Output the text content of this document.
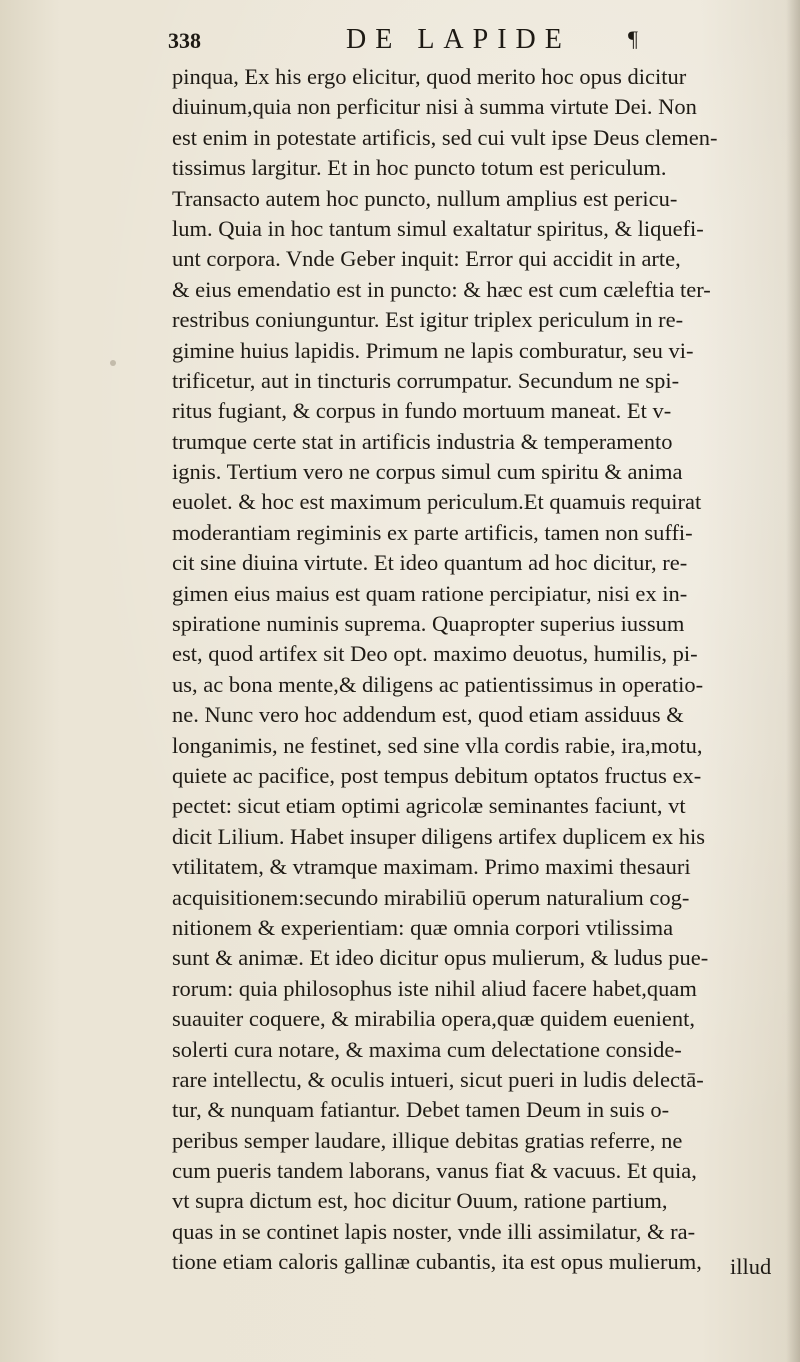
338	DE LAPIDE	¶
pinqua, Ex his ergo elicitur, quod merito hoc opus dicitur
diuinum,quia non perficitur nisi à summa virtute Dei. Non
est enim in potestate artificis, sed cui vult ipse Deus clemen-
tissimus largitur. Et in hoc puncto totum est periculum.
Transacto autem hoc puncto, nullum amplius est pericu-
lum. Quia in hoc tantum simul exaltatur spiritus, & liquefi-
unt corpora. Vnde Geber inquit: Error qui accidit in arte,
& eius emendatio est in puncto: & hæc est cum cæleftia ter-
restribus coniunguntur. Est igitur triplex periculum in re-
gimine huius lapidis. Primum ne lapis comburatur, seu vi-
trificetur, aut in tincturis corrumpatur. Secundum ne spi-
ritus fugiant, & corpus in fundo mortuum maneat. Et v-
trumque certe stat in artificis industria & temperamento
ignis. Tertium vero ne corpus simul cum spiritu & anima
euolet. & hoc est maximum periculum.Et quamuis requirat
moderantiam regiminis ex parte artificis, tamen non suffi-
cit sine diuina virtute. Et ideo quantum ad hoc dicitur, re-
gimen eius maius est quam ratione percipiatur, nisi ex in-
spiratione numinis suprema. Quapropter superius iussum
est, quod artifex sit Deo opt. maximo deuotus, humilis, pi-
us, ac bona mente,& diligens ac patientissimus in operatio-
ne. Nunc vero hoc addendum est, quod etiam assiduus &
longanimis, ne festinet, sed sine vlla cordis rabie, ira,motu,
quiete ac pacifice, post tempus debitum optatos fructus ex-
pectet: sicut etiam optimi agricolæ seminantes faciunt, vt
dicit Lilium. Habet insuper diligens artifex duplicem ex his
vtilitatem, & vtramque maximam. Primo maximi thesauri
acquisitionem:secundo mirabiliū operum naturalium cog-
nitionem & experientiam: quæ omnia corpori vtilissima
sunt & animæ. Et ideo dicitur opus mulierum, & ludus pue-
rorum: quia philosophus iste nihil aliud facere habet,quam
suauiter coquere, & mirabilia opera,quæ quidem euenient,
solerti cura notare, & maxima cum delectatione conside-
rare intellectu, & oculis intueri, sicut pueri in ludis delectā-
tur, & nunquam fatiantur. Debet tamen Deum in suis o-
peribus semper laudare, illique debitas gratias referre, ne
cum pueris tandem laborans, vanus fiat & vacuus. Et quia,
vt supra dictum est, hoc dicitur Ouum, ratione partium,
quas in se continet lapis noster, vnde illi assimilatur, & ra-
tione etiam caloris gallinæ cubantis, ita est opus mulierum,	illud
